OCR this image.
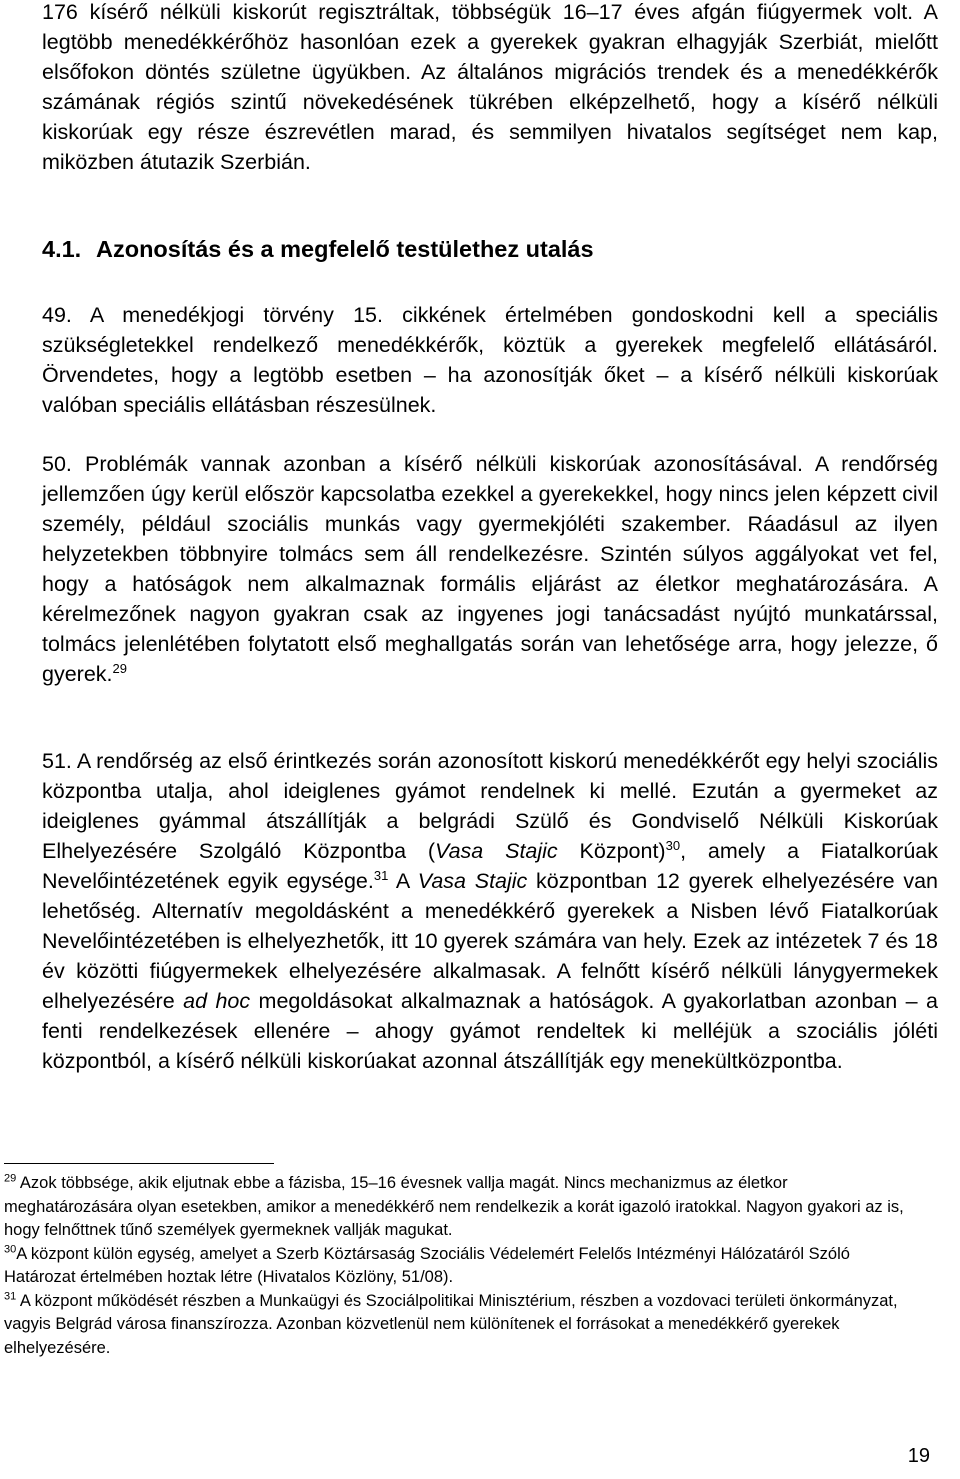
176 kísérő nélküli kiskorút regisztráltak, többségük 16–17 éves afgán fiúgyermek volt. A legtöbb menedékkérőhöz hasonlóan ezek a gyerekek gyakran elhagyják Szerbiát, mielőtt elsőfokon döntés születne ügyükben. Az általános migrációs trendek és a menedékkérők számának régiós szintű növekedésének tükrében elképzelhető, hogy a kísérő nélküli kiskorúak egy része észrevétlen marad, és semmilyen hivatalos segítséget nem kap, miközben átutazik Szerbián.

4.1. Azonosítás és a megfelelő testülethez utalás

49. A menedékjogi törvény 15. cikkének értelmében gondoskodni kell a speciális szükségletekkel rendelkező menedékkérők, köztük a gyerekek megfelelő ellátásáról. Örvendetes, hogy a legtöbb esetben – ha azonosítják őket – a kísérő nélküli kiskorúak valóban speciális ellátásban részesülnek.

50. Problémák vannak azonban a kísérő nélküli kiskorúak azonosításával. A rendőrség jellemzően úgy kerül először kapcsolatba ezekkel a gyerekekkel, hogy nincs jelen képzett civil személy, például szociális munkás vagy gyermekjóléti szakember. Ráadásul az ilyen helyzetekben többnyire tolmács sem áll rendelkezésre. Szintén súlyos aggályokat vet fel, hogy a hatóságok nem alkalmaznak formális eljárást az életkor meghatározására. A kérelmezőnek nagyon gyakran csak az ingyenes jogi tanácsadást nyújtó munkatárssal, tolmács jelenlétében folytatott első meghallgatás során van lehetősége arra, hogy jelezze, ő gyerek.$^{29}$

51. A rendőrség az első érintkezés során azonosított kiskorú menedékkérőt egy helyi szociális központba utalja, ahol ideiglenes gyámot rendelnek ki mellé. Ezután a gyermeket az ideiglenes gyámmal átszállítják a belgrádi Szülő és Gondviselő Nélküli Kiskorúak Elhelyezésére Szolgáló Központba (Vasa Stajic Központ)$^{30}$, amely a Fiatalkorúak Nevelőintézetének egyik egysége.$^{31}$ A Vasa Stajic központban 12 gyerek elhelyezésére van lehetőség. Alternatív megoldásként a menedékkérő gyerekek a Nisben lévő Fiatalkorúak Nevelőintézetében is elhelyezhetők, itt 10 gyerek számára van hely. Ezek az intézetek 7 és 18 év közötti fiúgyermekek elhelyezésére alkalmasak. A felnőtt kísérő nélküli lánygyermekek elhelyezésére ad hoc megoldásokat alkalmaznak a hatóságok. A gyakorlatban azonban – a fenti rendelkezések ellenére – ahogy gyámot rendeltek ki melléjük a szociális jóléti központból, a kísérő nélküli kiskorúakat azonnal átszállítják egy menekültközpontba.

$^{29}$ Azok többsége, akik eljutnak ebbe a fázisba, 15–16 évesnek vallja magát. Nincs mechanizmus az életkor meghatározására olyan esetekben, amikor a menedékkérő nem rendelkezik a korát igazoló iratokkal. Nagyon gyakori az is, hogy felnőttnek tűnő személyek gyermeknek vallják magukat.

$^{30}$A központ külön egység, amelyet a Szerb Köztársaság Szociális Védelemért Felelős Intézményi Hálózatáról Szóló Határozat értelmében hoztak létre (Hivatalos Közlöny, 51/08).

$^{31}$ A központ működését részben a Munkaügyi és Szociálpolitikai Minisztérium, részben a vozdovaci területi önkormányzat, vagyis Belgrád városa finanszírozza. Azonban közvetlenül nem különítenek el forrásokat a menedékkérő gyerekek elhelyezésére.

19
